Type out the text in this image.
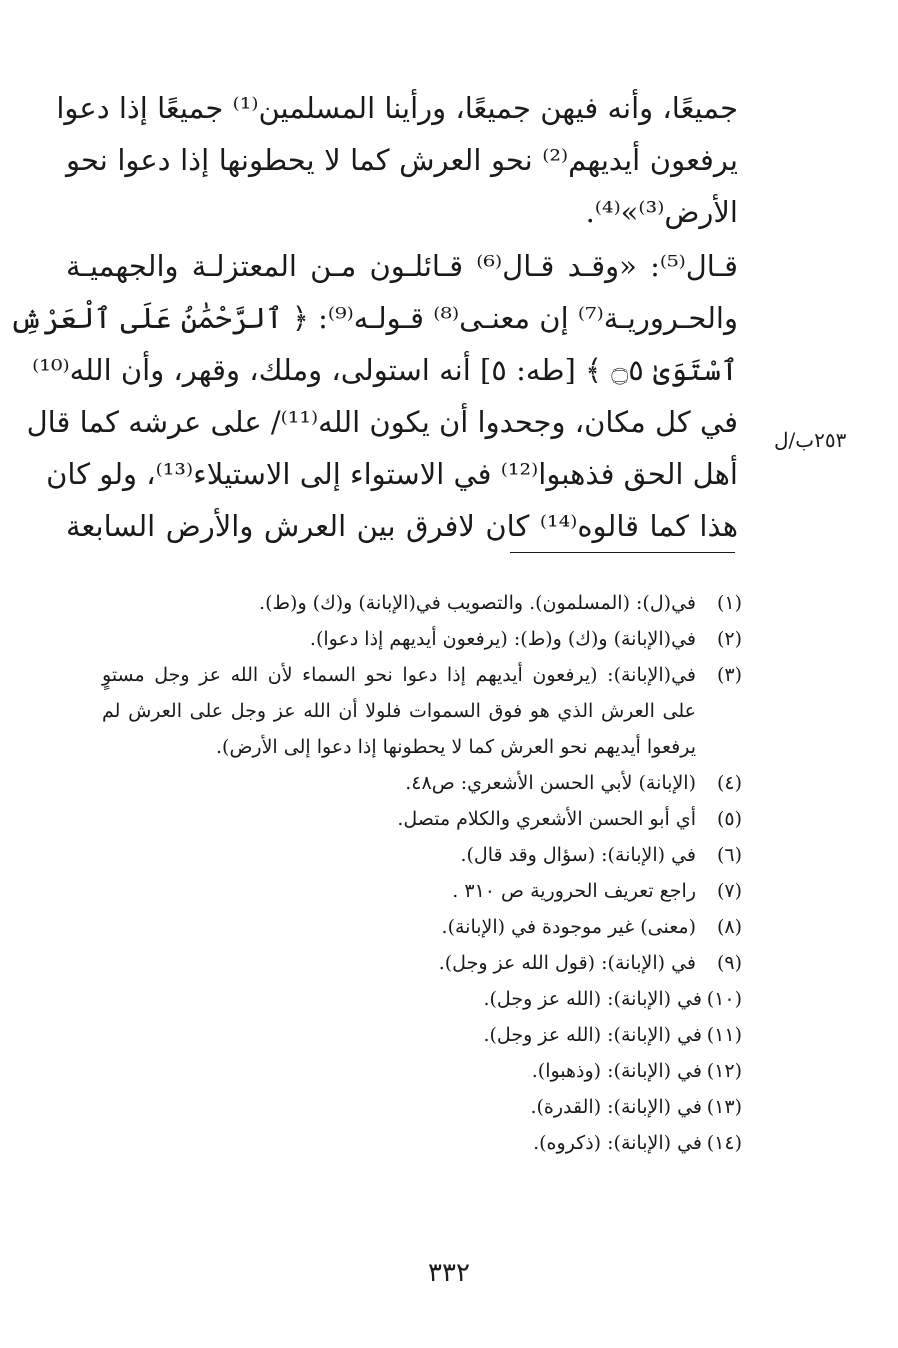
جميعًا، وأنه فيهن جميعًا، ورأينا المسلمين⁽¹⁾ جميعًا إذا دعوا
يرفعون أيديهم⁽²⁾ نحو العرش كما لا يحطونها إذا دعوا نحو
الأرض⁽³⁾»⁽⁴⁾.
قـال⁽⁵⁾: «وقـد قـال⁽⁶⁾ قـائلـون مـن المعتزلـة والجهميـة
والحـروريـة⁽⁷⁾ إن معنـى⁽⁸⁾ قـولـه⁽⁹⁾: ﴿ ٱلرَّحْمَٰنُ عَلَى ٱلْعَرْشِ
ٱسْتَوَىٰ ۝٥ ﴾ [طه: ٥] أنه استولى، وملك، وقهر، وأن الله⁽¹⁰⁾
في كل مكان، وجحدوا أن يكون الله⁽¹¹⁾/ على عرشه كما قال
أهل الحق فذهبوا⁽¹²⁾ في الاستواء إلى الاستيلاء⁽¹³⁾، ولو كان
هذا كما قالوه⁽¹⁴⁾ كان لافرق بين العرش والأرض السابعة
٢٥٣ب/ل
(١)
في(ل): (المسلمون). والتصويب في(الإبانة) و(ك) و(ط).
(٢)
في(الإبانة) و(ك) و(ط): (يرفعون أيديهم إذا دعوا).
(٣)
في(الإبانة): (يرفعون أيديهم إذا دعوا نحو السماء لأن الله عز وجل مستوٍ على العرش الذي هو فوق السموات فلولا أن الله عز وجل على العرش لم يرفعوا أيديهم نحو العرش كما لا يحطونها إذا دعوا إلى الأرض).
(٤)
(الإبانة) لأبي الحسن الأشعري: ص٤٨.
(٥)
أي أبو الحسن الأشعري والكلام متصل.
(٦)
في (الإبانة): (سؤال وقد قال).
(٧)
راجع تعريف الحرورية ص ٣١٠ .
(٨)
(معنى) غير موجودة في (الإبانة).
(٩)
في (الإبانة): (قول الله عز وجل).
(١٠)
في (الإبانة): (الله عز وجل).
(١١)
في (الإبانة): (الله عز وجل).
(١٢)
في (الإبانة): (وذهبوا).
(١٣)
في (الإبانة): (القدرة).
(١٤)
في (الإبانة): (ذكروه).
٣٣٢
